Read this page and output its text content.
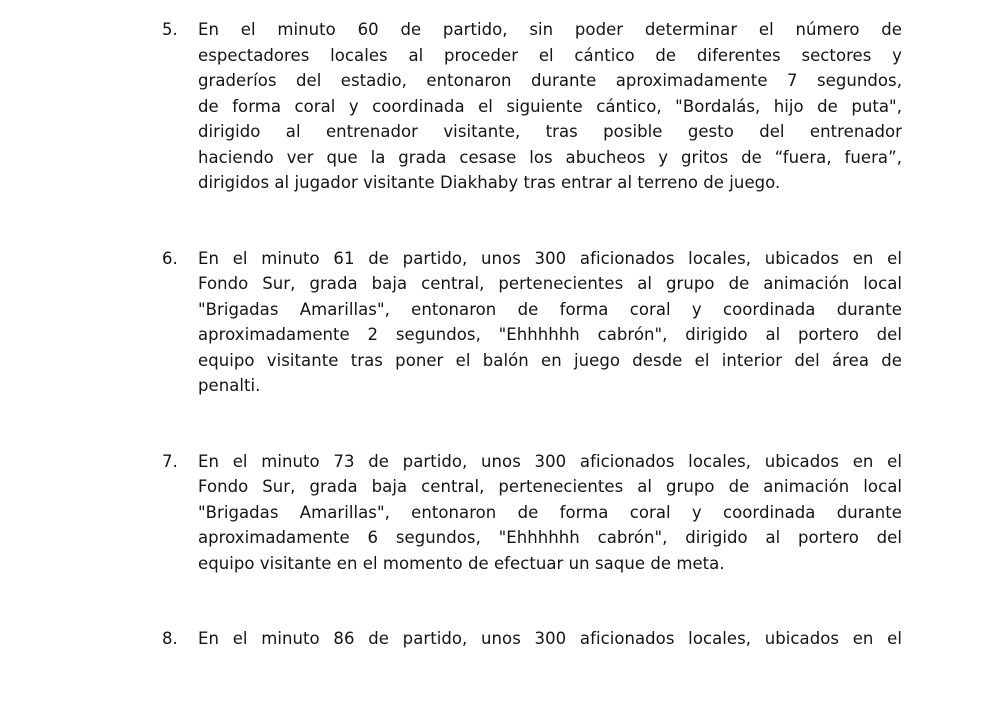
5.	En el minuto 60 de partido, sin poder determinar el número de
espectadores locales al proceder el cántico de diferentes sectores y
graderíos del estadio, entonaron durante aproximadamente 7 segundos,
de forma coral y coordinada el siguiente cántico, "Bordalás, hijo de puta",
dirigido al entrenador visitante, tras posible gesto del entrenador
haciendo ver que la grada cesase los abucheos y gritos de “fuera, fuera”,
dirigidos al jugador visitante Diakhaby tras entrar al terreno de juego.
6.	En el minuto 61 de partido, unos 300 aficionados locales, ubicados en el
Fondo Sur, grada baja central, pertenecientes al grupo de animación local
"Brigadas Amarillas", entonaron de forma coral y coordinada durante
aproximadamente 2 segundos, "Ehhhhhh cabrón", dirigido al portero del
equipo visitante tras poner el balón en juego desde el interior del área de
penalti.
7.	En el minuto 73 de partido, unos 300 aficionados locales, ubicados en el
Fondo Sur, grada baja central, pertenecientes al grupo de animación local
"Brigadas Amarillas", entonaron de forma coral y coordinada durante
aproximadamente 6 segundos, "Ehhhhhh cabrón", dirigido al portero del
equipo visitante en el momento de efectuar un saque de meta.
8.	En el minuto 86 de partido, unos 300 aficionados locales, ubicados en el
